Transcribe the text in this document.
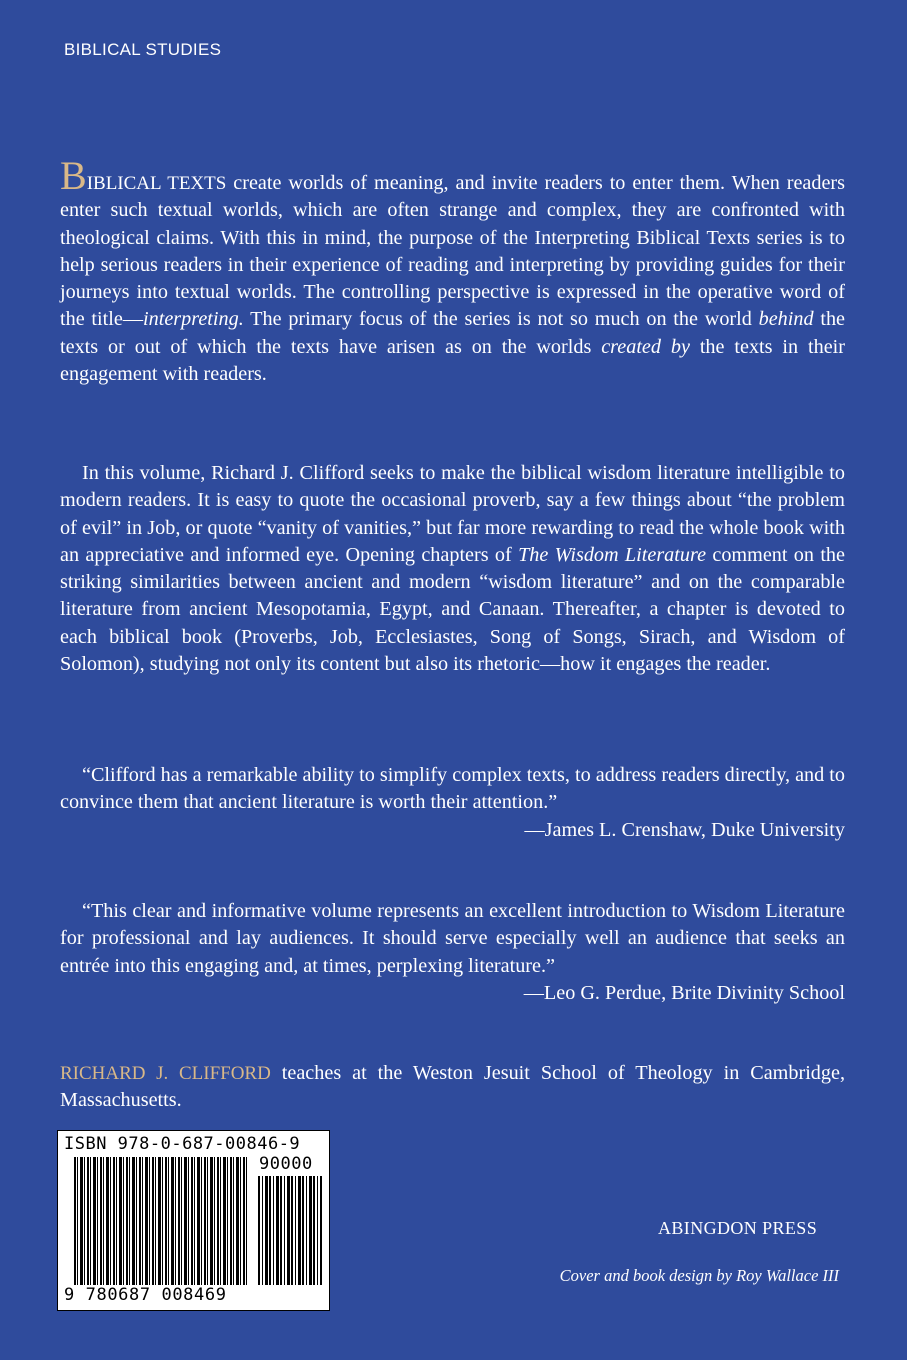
BIBLICAL STUDIES

BIBLICAL TEXTS create worlds of meaning, and invite readers to enter them. When readers enter such textual worlds, which are often strange and complex, they are confronted with theological claims. With this in mind, the purpose of the Interpreting Biblical Texts series is to help serious readers in their experience of reading and interpreting by providing guides for their journeys into textual worlds. The controlling perspective is expressed in the operative word of the title—interpreting. The primary focus of the series is not so much on the world behind the texts or out of which the texts have arisen as on the worlds created by the texts in their engagement with readers.

In this volume, Richard J. Clifford seeks to make the biblical wisdom literature intelligible to modern readers. It is easy to quote the occasional proverb, say a few things about “the problem of evil” in Job, or quote “vanity of vanities,” but far more rewarding to read the whole book with an appreciative and informed eye. Opening chapters of The Wisdom Literature comment on the striking similarities between ancient and modern “wisdom literature” and on the comparable literature from ancient Mesopotamia, Egypt, and Canaan. Thereafter, a chapter is devoted to each biblical book (Proverbs, Job, Ecclesiastes, Song of Songs, Sirach, and Wisdom of Solomon), studying not only its content but also its rhetoric—how it engages the reader.

“Clifford has a remarkable ability to simplify complex texts, to address readers directly, and to convince them that ancient literature is worth their attention.”

—James L. Crenshaw, Duke University

“This clear and informative volume represents an excellent introduction to Wisdom Literature for professional and lay audiences. It should serve especially well an audience that seeks an entrée into this engaging and, at times, perplexing literature.”

—Leo G. Perdue, Brite Divinity School

RICHARD J. CLIFFORD teaches at the Weston Jesuit School of Theology in Cambridge, Massachusetts.

ISBN 978-0-687-00846-9
90000
9 780687 008469
ABINGDON PRESS
Cover and book design by Roy Wallace III
